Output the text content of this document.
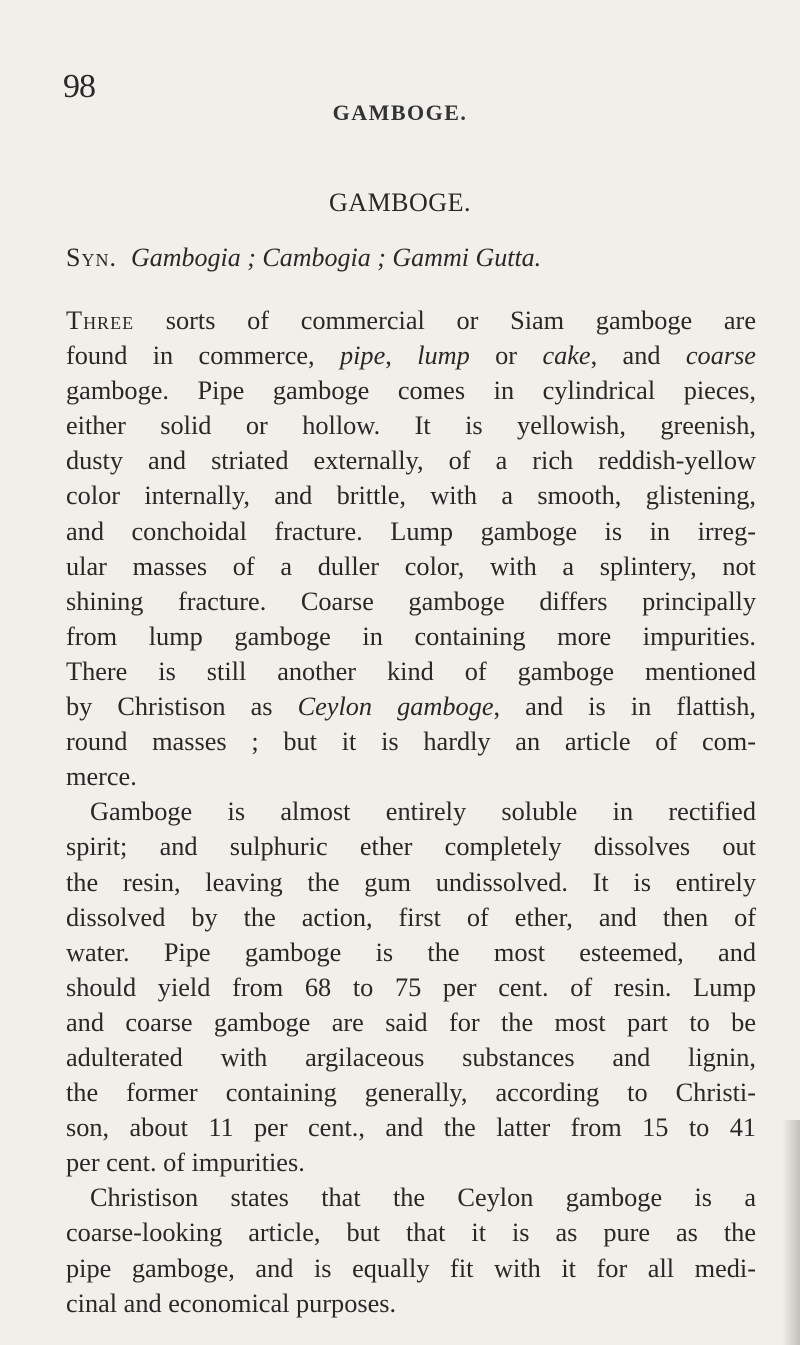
98
GAMBOGE.
GAMBOGE.
Syn. Gambogia ; Cambogia ; Gammi Gutta.
Three sorts of commercial or Siam gamboge are
found in commerce, pipe, lump or cake, and coarse
gamboge. Pipe gamboge comes in cylindrical pieces,
either solid or hollow. It is yellowish, greenish,
dusty and striated externally, of a rich reddish-yellow
color internally, and brittle, with a smooth, glistening,
and conchoidal fracture. Lump gamboge is in irreg-
ular masses of a duller color, with a splintery, not
shining fracture. Coarse gamboge differs principally
from lump gamboge in containing more impurities.
There is still another kind of gamboge mentioned
by Christison as Ceylon gamboge, and is in flattish,
round masses ; but it is hardly an article of com-
merce.
Gamboge is almost entirely soluble in rectified
spirit; and sulphuric ether completely dissolves out
the resin, leaving the gum undissolved. It is entirely
dissolved by the action, first of ether, and then of
water. Pipe gamboge is the most esteemed, and
should yield from 68 to 75 per cent. of resin. Lump
and coarse gamboge are said for the most part to be
adulterated with argilaceous substances and lignin,
the former containing generally, according to Christi-
son, about 11 per cent., and the latter from 15 to 41
per cent. of impurities.
Christison states that the Ceylon gamboge is a
coarse-looking article, but that it is as pure as the
pipe gamboge, and is equally fit with it for all medi-
cinal and economical purposes.
